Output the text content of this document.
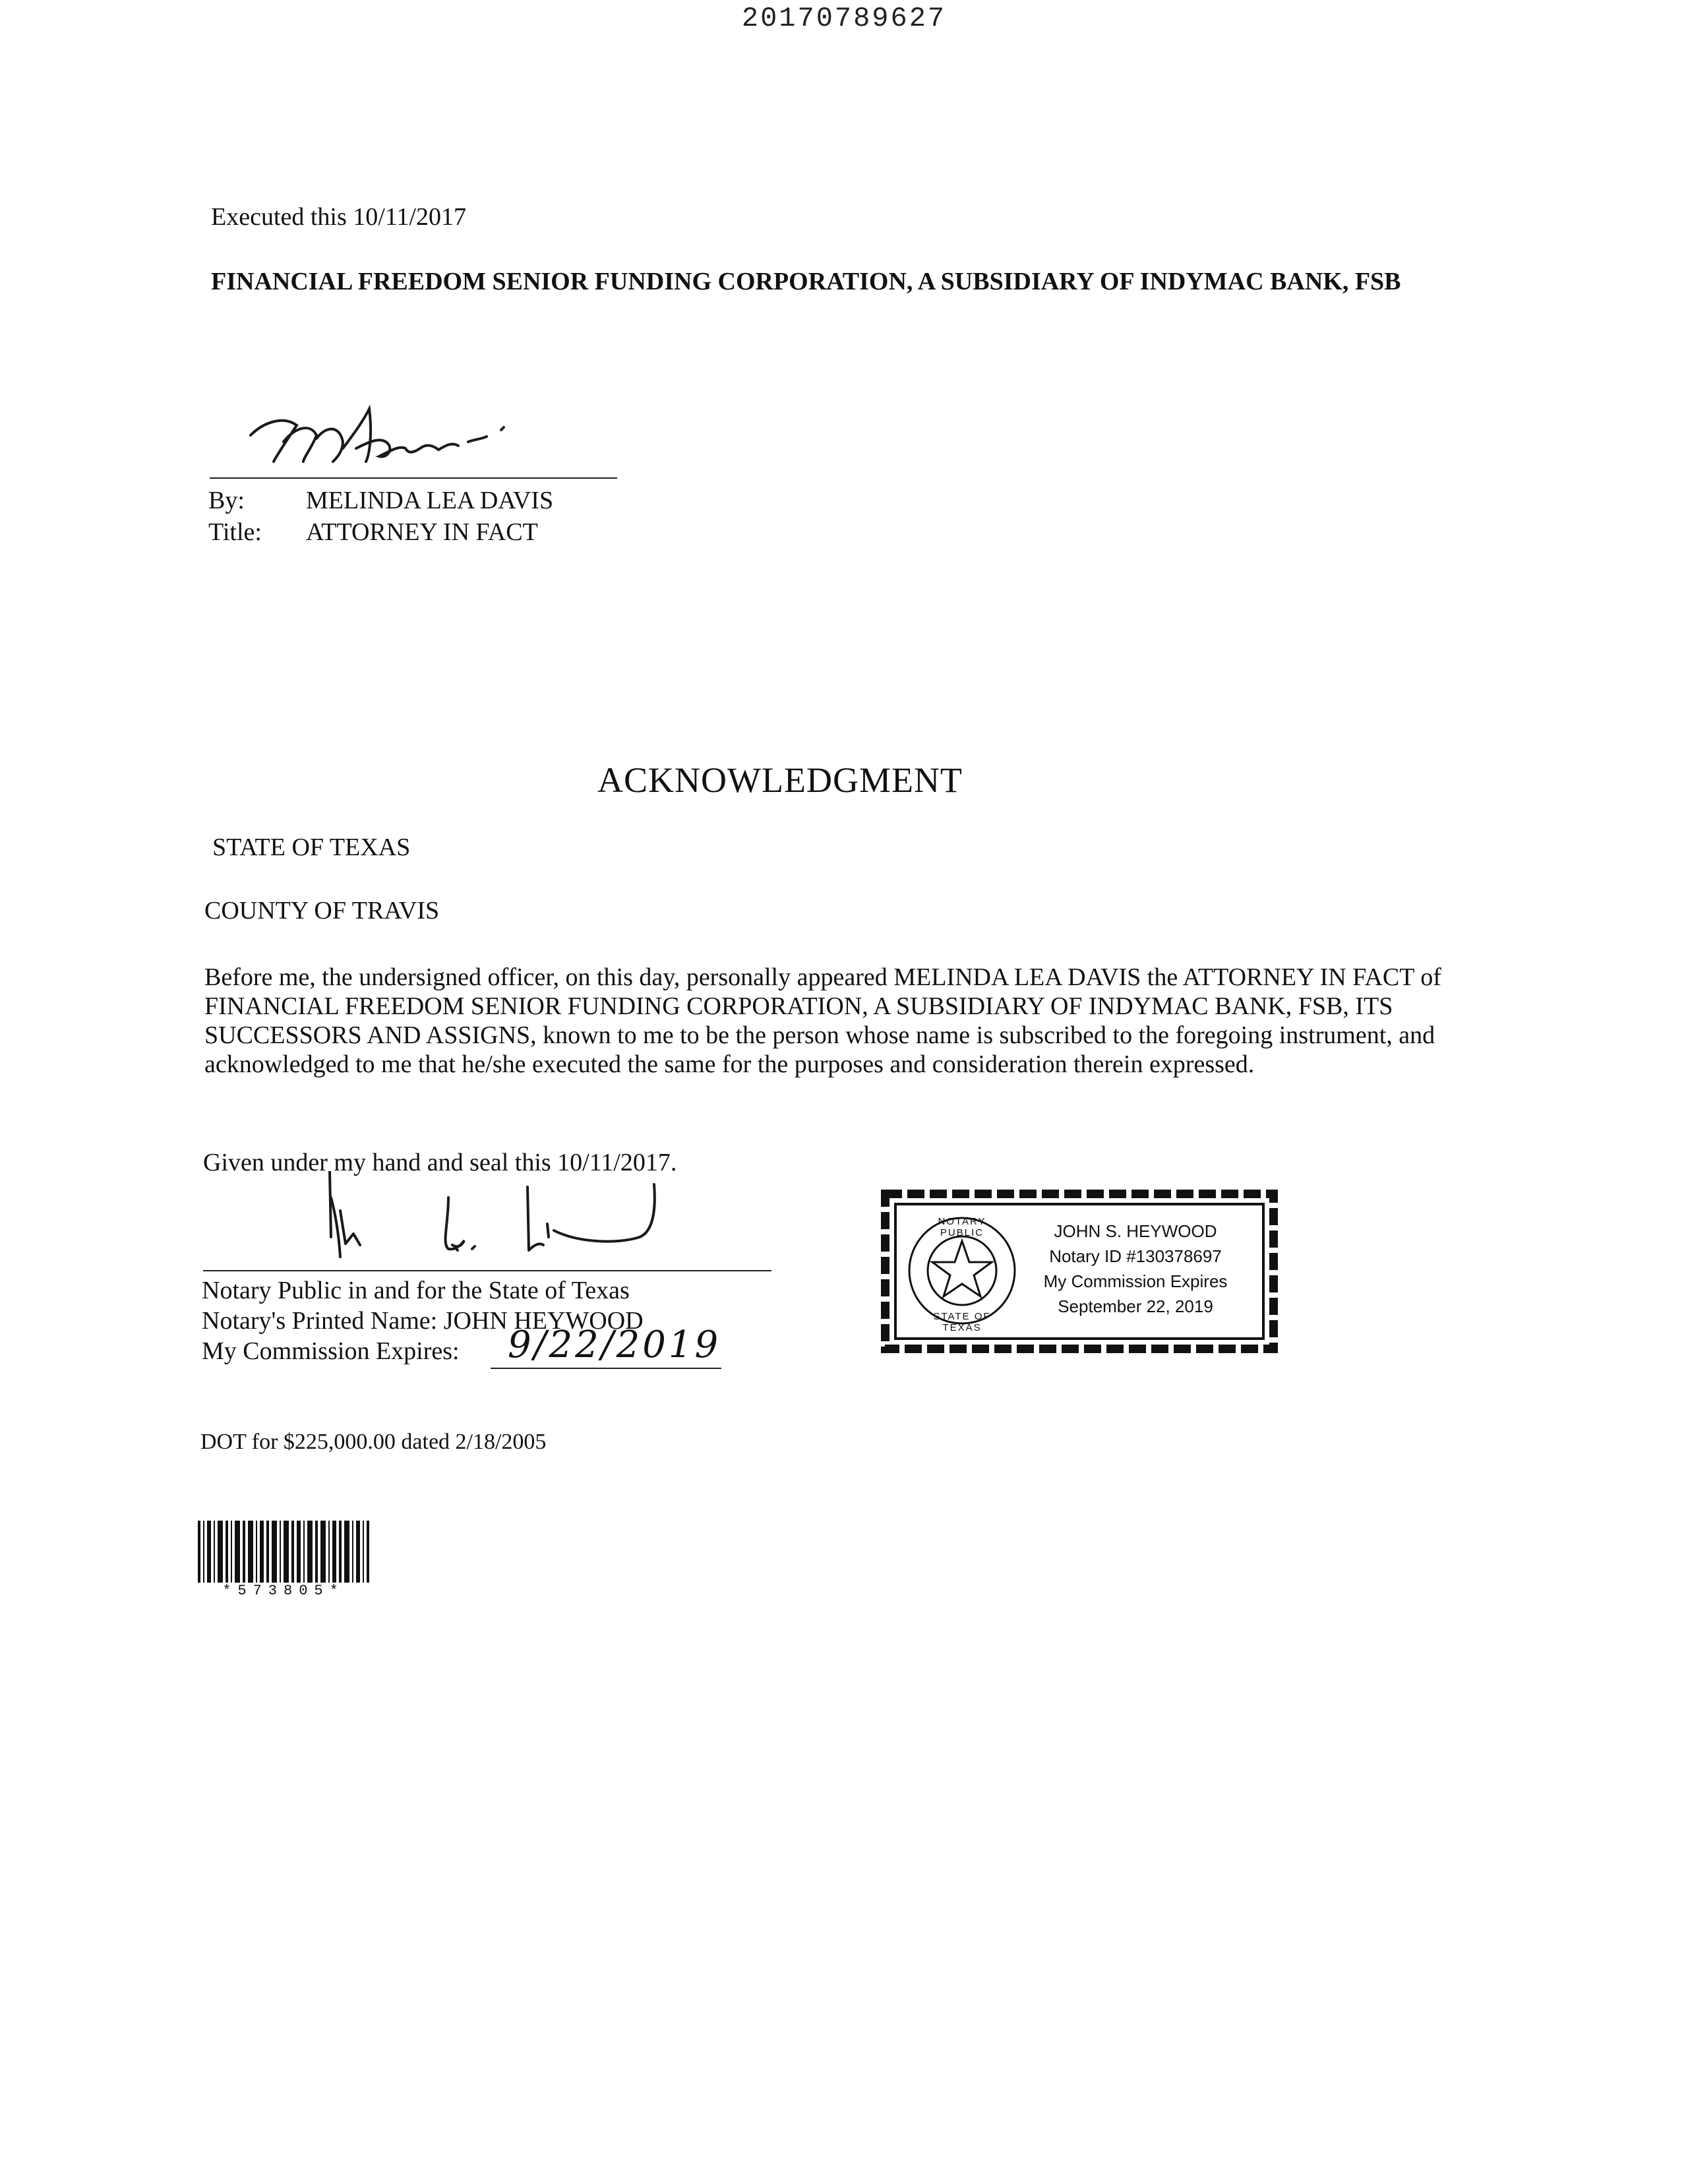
20170789627
Executed this 10/11/2017
FINANCIAL FREEDOM SENIOR FUNDING CORPORATION, A SUBSIDIARY OF INDYMAC BANK, FSB
By: MELINDA LEA DAVIS
Title: ATTORNEY IN FACT
ACKNOWLEDGMENT
STATE OF TEXAS
COUNTY OF TRAVIS
Before me, the undersigned officer, on this day, personally appeared MELINDA LEA DAVIS the ATTORNEY IN FACT of FINANCIAL FREEDOM SENIOR FUNDING CORPORATION, A SUBSIDIARY OF INDYMAC BANK, FSB, ITS SUCCESSORS AND ASSIGNS, known to me to be the person whose name is subscribed to the foregoing instrument, and acknowledged to me that he/she executed the same for the purposes and consideration therein expressed.
Given under my hand and seal this 10/11/2017.
Notary Public in and for the State of Texas
Notary's Printed Name: JOHN HEYWOOD
My Commission Expires: 9/22/2019
NOTARY PUBLIC
STATE OF TEXAS
JOHN S. HEYWOOD
Notary ID #130378697
My Commission Expires
September 22, 2019
DOT for $225,000.00 dated 2/18/2005
*573805*
